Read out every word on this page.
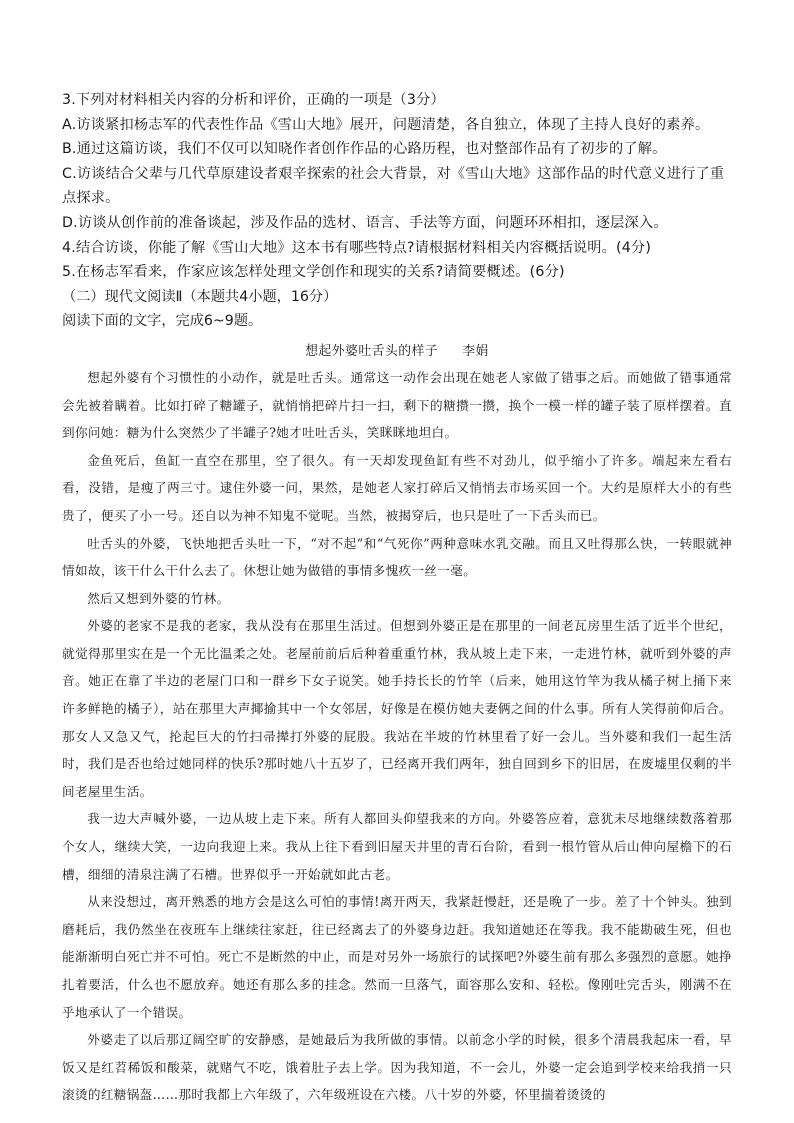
3.下列对材料相关内容的分析和评价，正确的一项是（3分）

A.访谈紧扣杨志军的代表性作品《雪山大地》展开，问题清楚，各自独立，体现了主持人良好的素养。

B.通过这篇访谈，我们不仅可以知晓作者创作作品的心路历程，也对整部作品有了初步的了解。

C.访谈结合父辈与几代草原建设者艰辛探索的社会大背景，对《雪山大地》这部作品的时代意义进行了重点探求。

D.访谈从创作前的准备谈起，涉及作品的选材、语言、手法等方面，问题环环相扣，逐层深入。

4.结合访谈，你能了解《雪山大地》这本书有哪些特点?请根据材料相关内容概括说明。(4分)

5.在杨志军看来，作家应该怎样处理文学创作和现实的关系?请简要概述。(6分)

（二）现代文阅读Ⅱ（本题共4小题，16分）

阅读下面的文字，完成6~9题。

想起外婆吐舌头的样子 李娟

想起外婆有个习惯性的小动作，就是吐舌头。通常这一动作会出现在她老人家做了错事之后。而她做了错事通常会先被着瞒着。比如打碎了糖罐子，就悄悄把碎片扫一扫，剩下的糖攒一攒，换个一模一样的罐子装了原样摆着。直到你问她：糖为什么突然少了半罐子?她才吐吐舌头，笑眯眯地坦白。

金鱼死后，鱼缸一直空在那里，空了很久。有一天却发现鱼缸有些不对劲儿，似乎缩小了许多。端起来左看右看，没错，是瘦了两三寸。逮住外婆一问，果然，是她老人家打碎后又悄悄去市场买回一个。大约是原样大小的有些贵了，便买了小一号。还自以为神不知鬼不觉呢。当然，被揭穿后，也只是吐了一下舌头而已。

吐舌头的外婆，飞快地把舌头吐一下，“对不起”和“气死你”两种意味水乳交融。而且又吐得那么快，一转眼就神情如故，该干什么干什么去了。休想让她为做错的事情多愧疚一丝一毫。

然后又想到外婆的竹林。

外婆的老家不是我的老家，我从没有在那里生活过。但想到外婆正是在那里的一间老瓦房里生活了近半个世纪，就觉得那里实在是一个无比温柔之处。老屋前前后后种着重重竹林，我从坡上走下来，一走进竹林，就听到外婆的声音。她正在靠了半边的老屋门口和一群乡下女子说笑。她手持长长的竹竿（后来，她用这竹竿为我从橘子树上捅下来许多鲜艳的橘子），站在那里大声揶揄其中一个女邻居，好像是在模仿她夫妻俩之间的什么事。所有人笑得前仰后合。那女人又急又气，抡起巨大的竹扫帚撵打外婆的屁股。我站在半坡的竹林里看了好一会儿。当外婆和我们一起生活时，我们是否也给过她同样的快乐?那时她八十五岁了，已经离开我们两年，独自回到乡下的旧居，在废墟里仅剩的半间老屋里生活。

我一边大声喊外婆，一边从坡上走下来。所有人都回头仰望我来的方向。外婆答应着，意犹未尽地继续数落着那个女人，继续大笑，一边向我迎上来。我从上往下看到旧屋天井里的青石台阶，看到一根竹管从后山伸向屋檐下的石槽，细细的清泉注满了石槽。世界似乎一开始就如此古老。

从来没想过，离开熟悉的地方会是这么可怕的事情!离开两天，我紧赶慢赶，还是晚了一步。差了十个钟头。独到磨耗后，我仍然坐在夜班车上继续往家赶，往已经离去了的外婆身边赶。我知道她还在等我。我不能勘破生死，但也能渐渐明白死亡并不可怕。死亡不是断然的中止，而是对另外一场旅行的试探吧?外婆生前有那么多强烈的意愿。她挣扎着要活，什么也不愿放弃。她还有那么多的挂念。然而一旦落气，面容那么安和、轻松。像刚吐完舌头，刚满不在乎地承认了一个错误。

外婆走了以后那辽阔空旷的安静感，是她最后为我所做的事情。以前念小学的时候，很多个清晨我起床一看，早饭又是红苕稀饭和酸菜，就赌气不吃，饿着肚子去上学。因为我知道，不一会儿，外婆一定会追到学校来给我捎一只滚烫的红糖锅盔……那时我都上六年级了，六年级班设在六楼。八十岁的外婆，怀里揣着烫烫的
